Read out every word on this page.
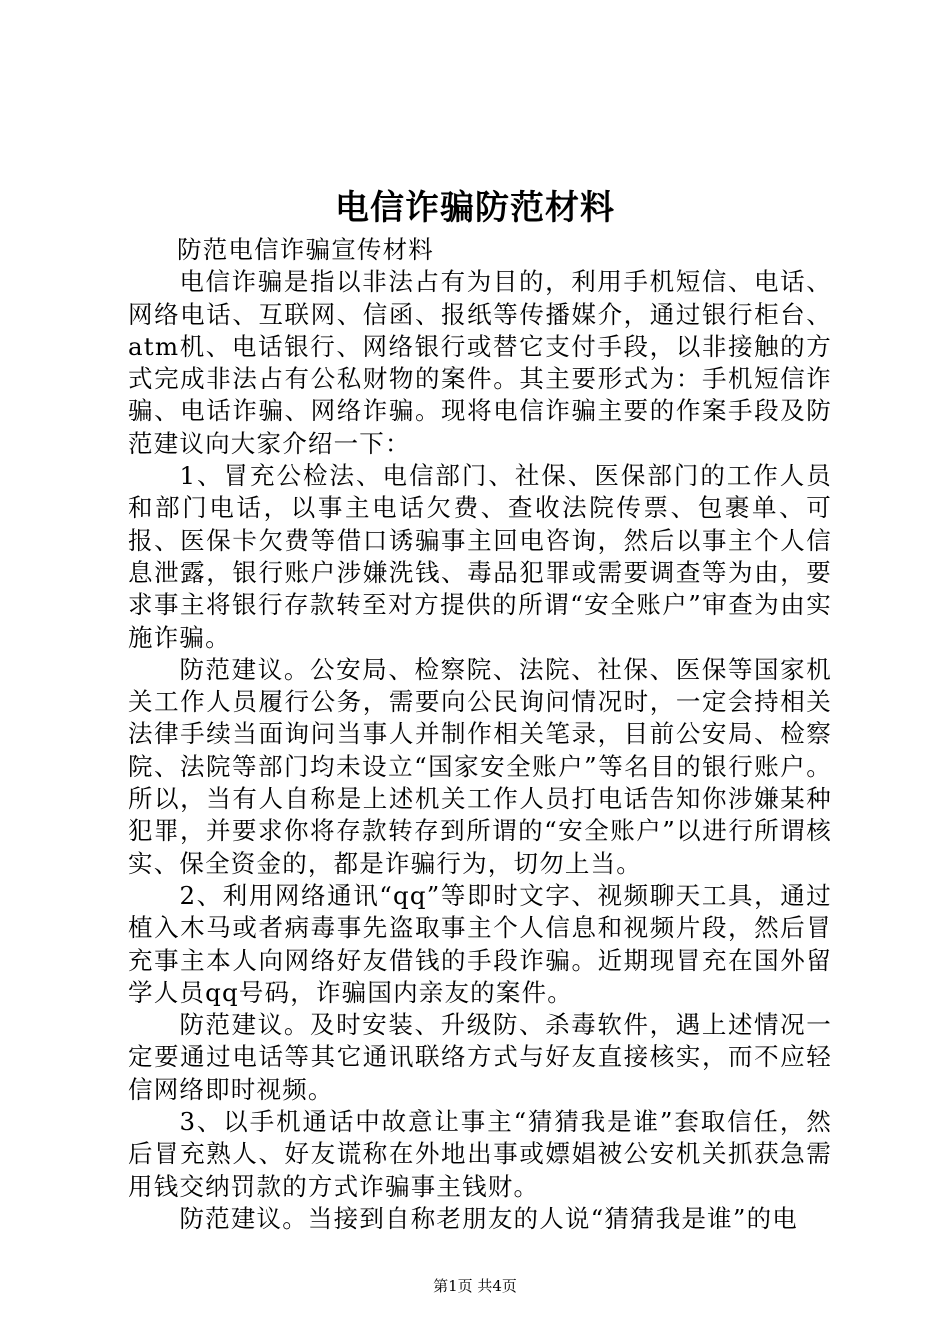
电信诈骗防范材料

防范电信诈骗宣传材料

电信诈骗是指以非法占有为目的，利用手机短信、电话、网络电话、互联网、信函、报纸等传播媒介，通过银行柜台、atm机、电话银行、网络银行或替它支付手段，以非接触的方式完成非法占有公私财物的案件。其主要形式为：手机短信诈骗、电话诈骗、网络诈骗。现将电信诈骗主要的作案手段及防范建议向大家介绍一下：

1、冒充公检法、电信部门、社保、医保部门的工作人员和部门电话，以事主电话欠费、查收法院传票、包裹单、可报、医保卡欠费等借口诱骗事主回电咨询，然后以事主个人信息泄露，银行账户涉嫌洗钱、毒品犯罪或需要调查等为由，要求事主将银行存款转至对方提供的所谓“安全账户”审查为由实施诈骗。

防范建议。公安局、检察院、法院、社保、医保等国家机关工作人员履行公务，需要向公民询问情况时，一定会持相关法律手续当面询问当事人并制作相关笔录，目前公安局、检察院、法院等部门均未设立“国家安全账户”等名目的银行账户。所以，当有人自称是上述机关工作人员打电话告知你涉嫌某种犯罪，并要求你将存款转存到所谓的“安全账户”以进行所谓核实、保全资金的，都是诈骗行为，切勿上当。

2、利用网络通讯“qq”等即时文字、视频聊天工具，通过植入木马或者病毒事先盗取事主个人信息和视频片段，然后冒充事主本人向网络好友借钱的手段诈骗。近期现冒充在国外留学人员qq号码，诈骗国内亲友的案件。

防范建议。及时安装、升级防、杀毒软件，遇上述情况一定要通过电话等其它通讯联络方式与好友直接核实，而不应轻信网络即时视频。

3、以手机通话中故意让事主“猜猜我是谁”套取信任，然后冒充熟人、好友谎称在外地出事或嫖娼被公安机关抓获急需用钱交纳罚款的方式诈骗事主钱财。

防范建议。当接到自称老朋友的人说“猜猜我是谁”的电

第1页 共4页
